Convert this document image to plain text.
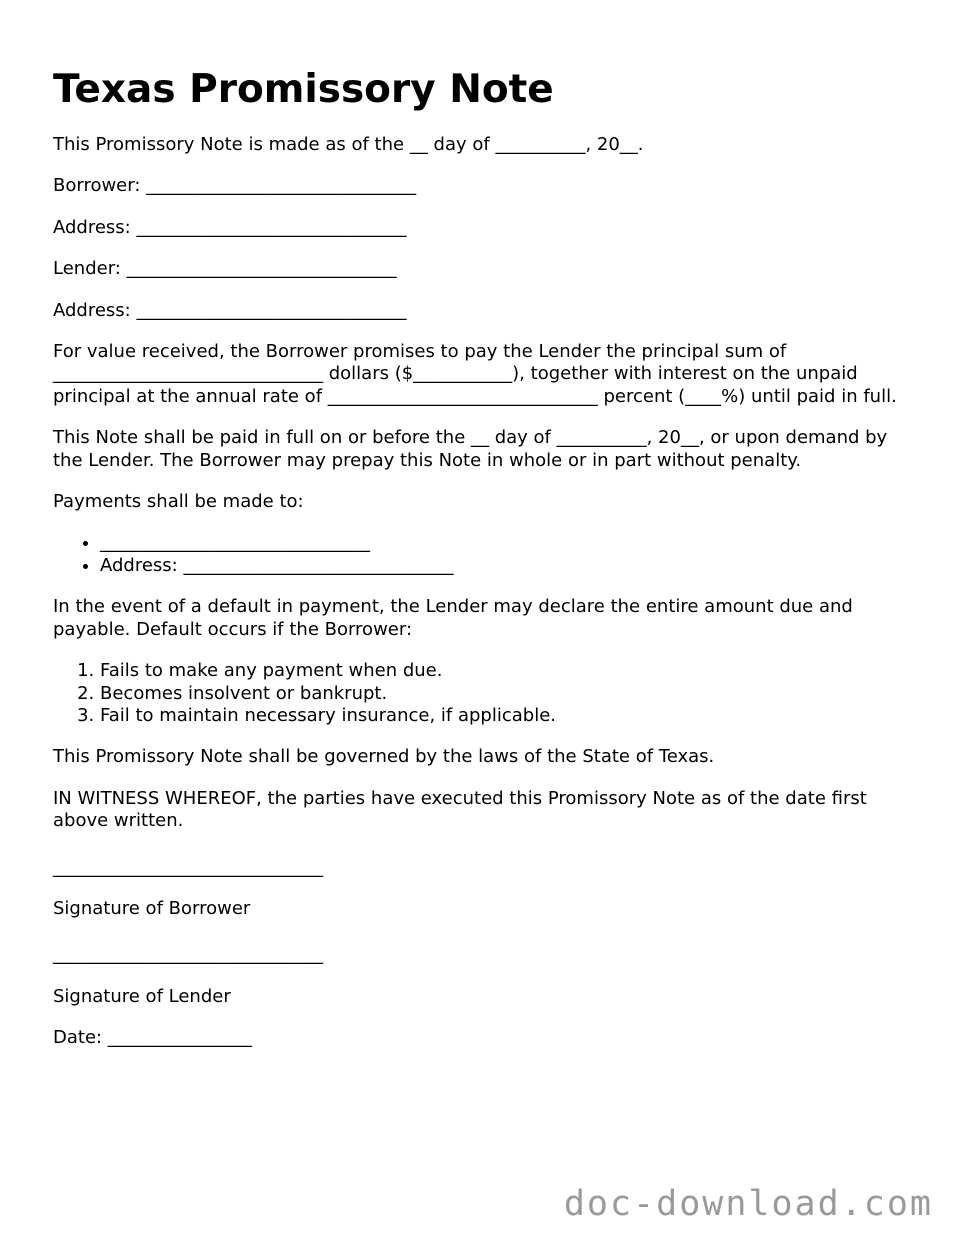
Texas Promissory Note

This Promissory Note is made as of the __ day of __________, 20__.

Borrower: ______________________________

Address: ______________________________

Lender: ______________________________

Address: ______________________________

For value received, the Borrower promises to pay the Lender the principal sum of ______________________________ dollars ($___________), together with interest on the unpaid principal at the annual rate of ______________________________ percent (____%) until paid in full.

This Note shall be paid in full on or before the __ day of __________, 20__, or upon demand by the Lender. The Borrower may prepay this Note in whole or in part without penalty.

Payments shall be made to:

• ______________________________
• Address: ______________________________

In the event of a default in payment, the Lender may declare the entire amount due and payable. Default occurs if the Borrower:

1. Fails to make any payment when due.
2. Becomes insolvent or bankrupt.
3. Fail to maintain necessary insurance, if applicable.

This Promissory Note shall be governed by the laws of the State of Texas.

IN WITNESS WHEREOF, the parties have executed this Promissory Note as of the date first above written.

______________________________

Signature of Borrower

______________________________

Signature of Lender

Date: ________________

doc-download.com
